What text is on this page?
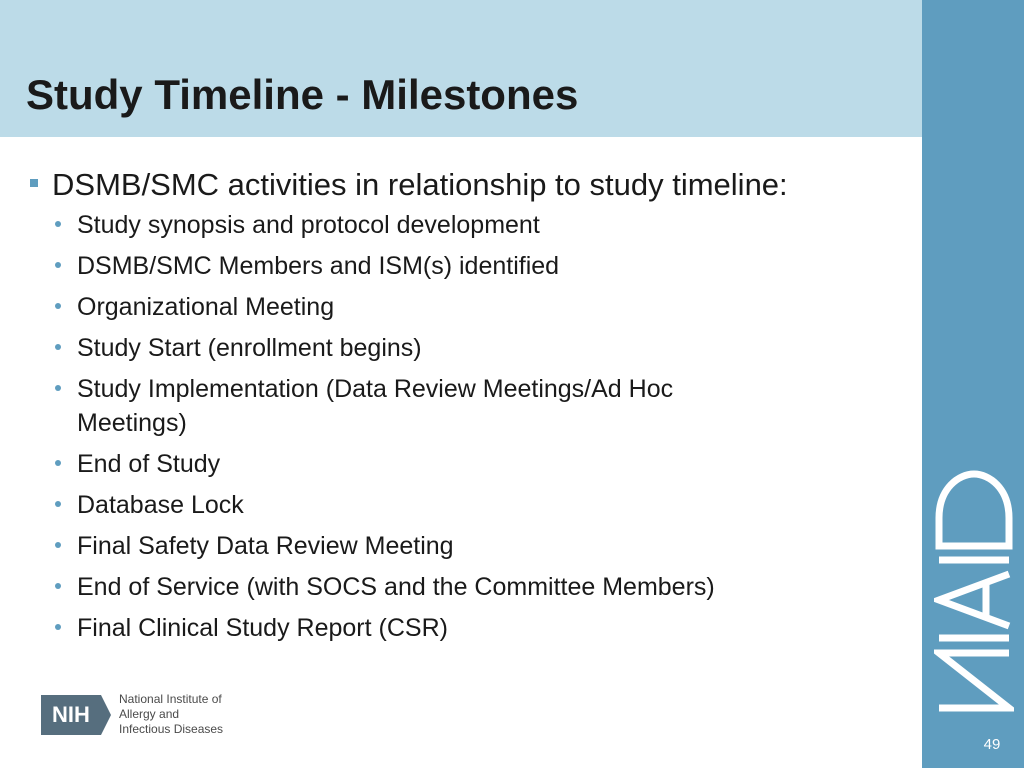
Study Timeline - Milestones
49
DSMB/SMC activities in relationship to study timeline:
Study synopsis and protocol development
DSMB/SMC Members and ISM(s) identified
Organizational Meeting
Study Start (enrollment begins)
Study Implementation (Data Review Meetings/Ad Hoc Meetings)
End of Study
Database Lock
Final Safety Data Review Meeting
End of Service (with SOCS and the Committee Members)
Final Clinical Study Report (CSR)
NIH
National Institute of
Allergy and
Infectious Diseases
